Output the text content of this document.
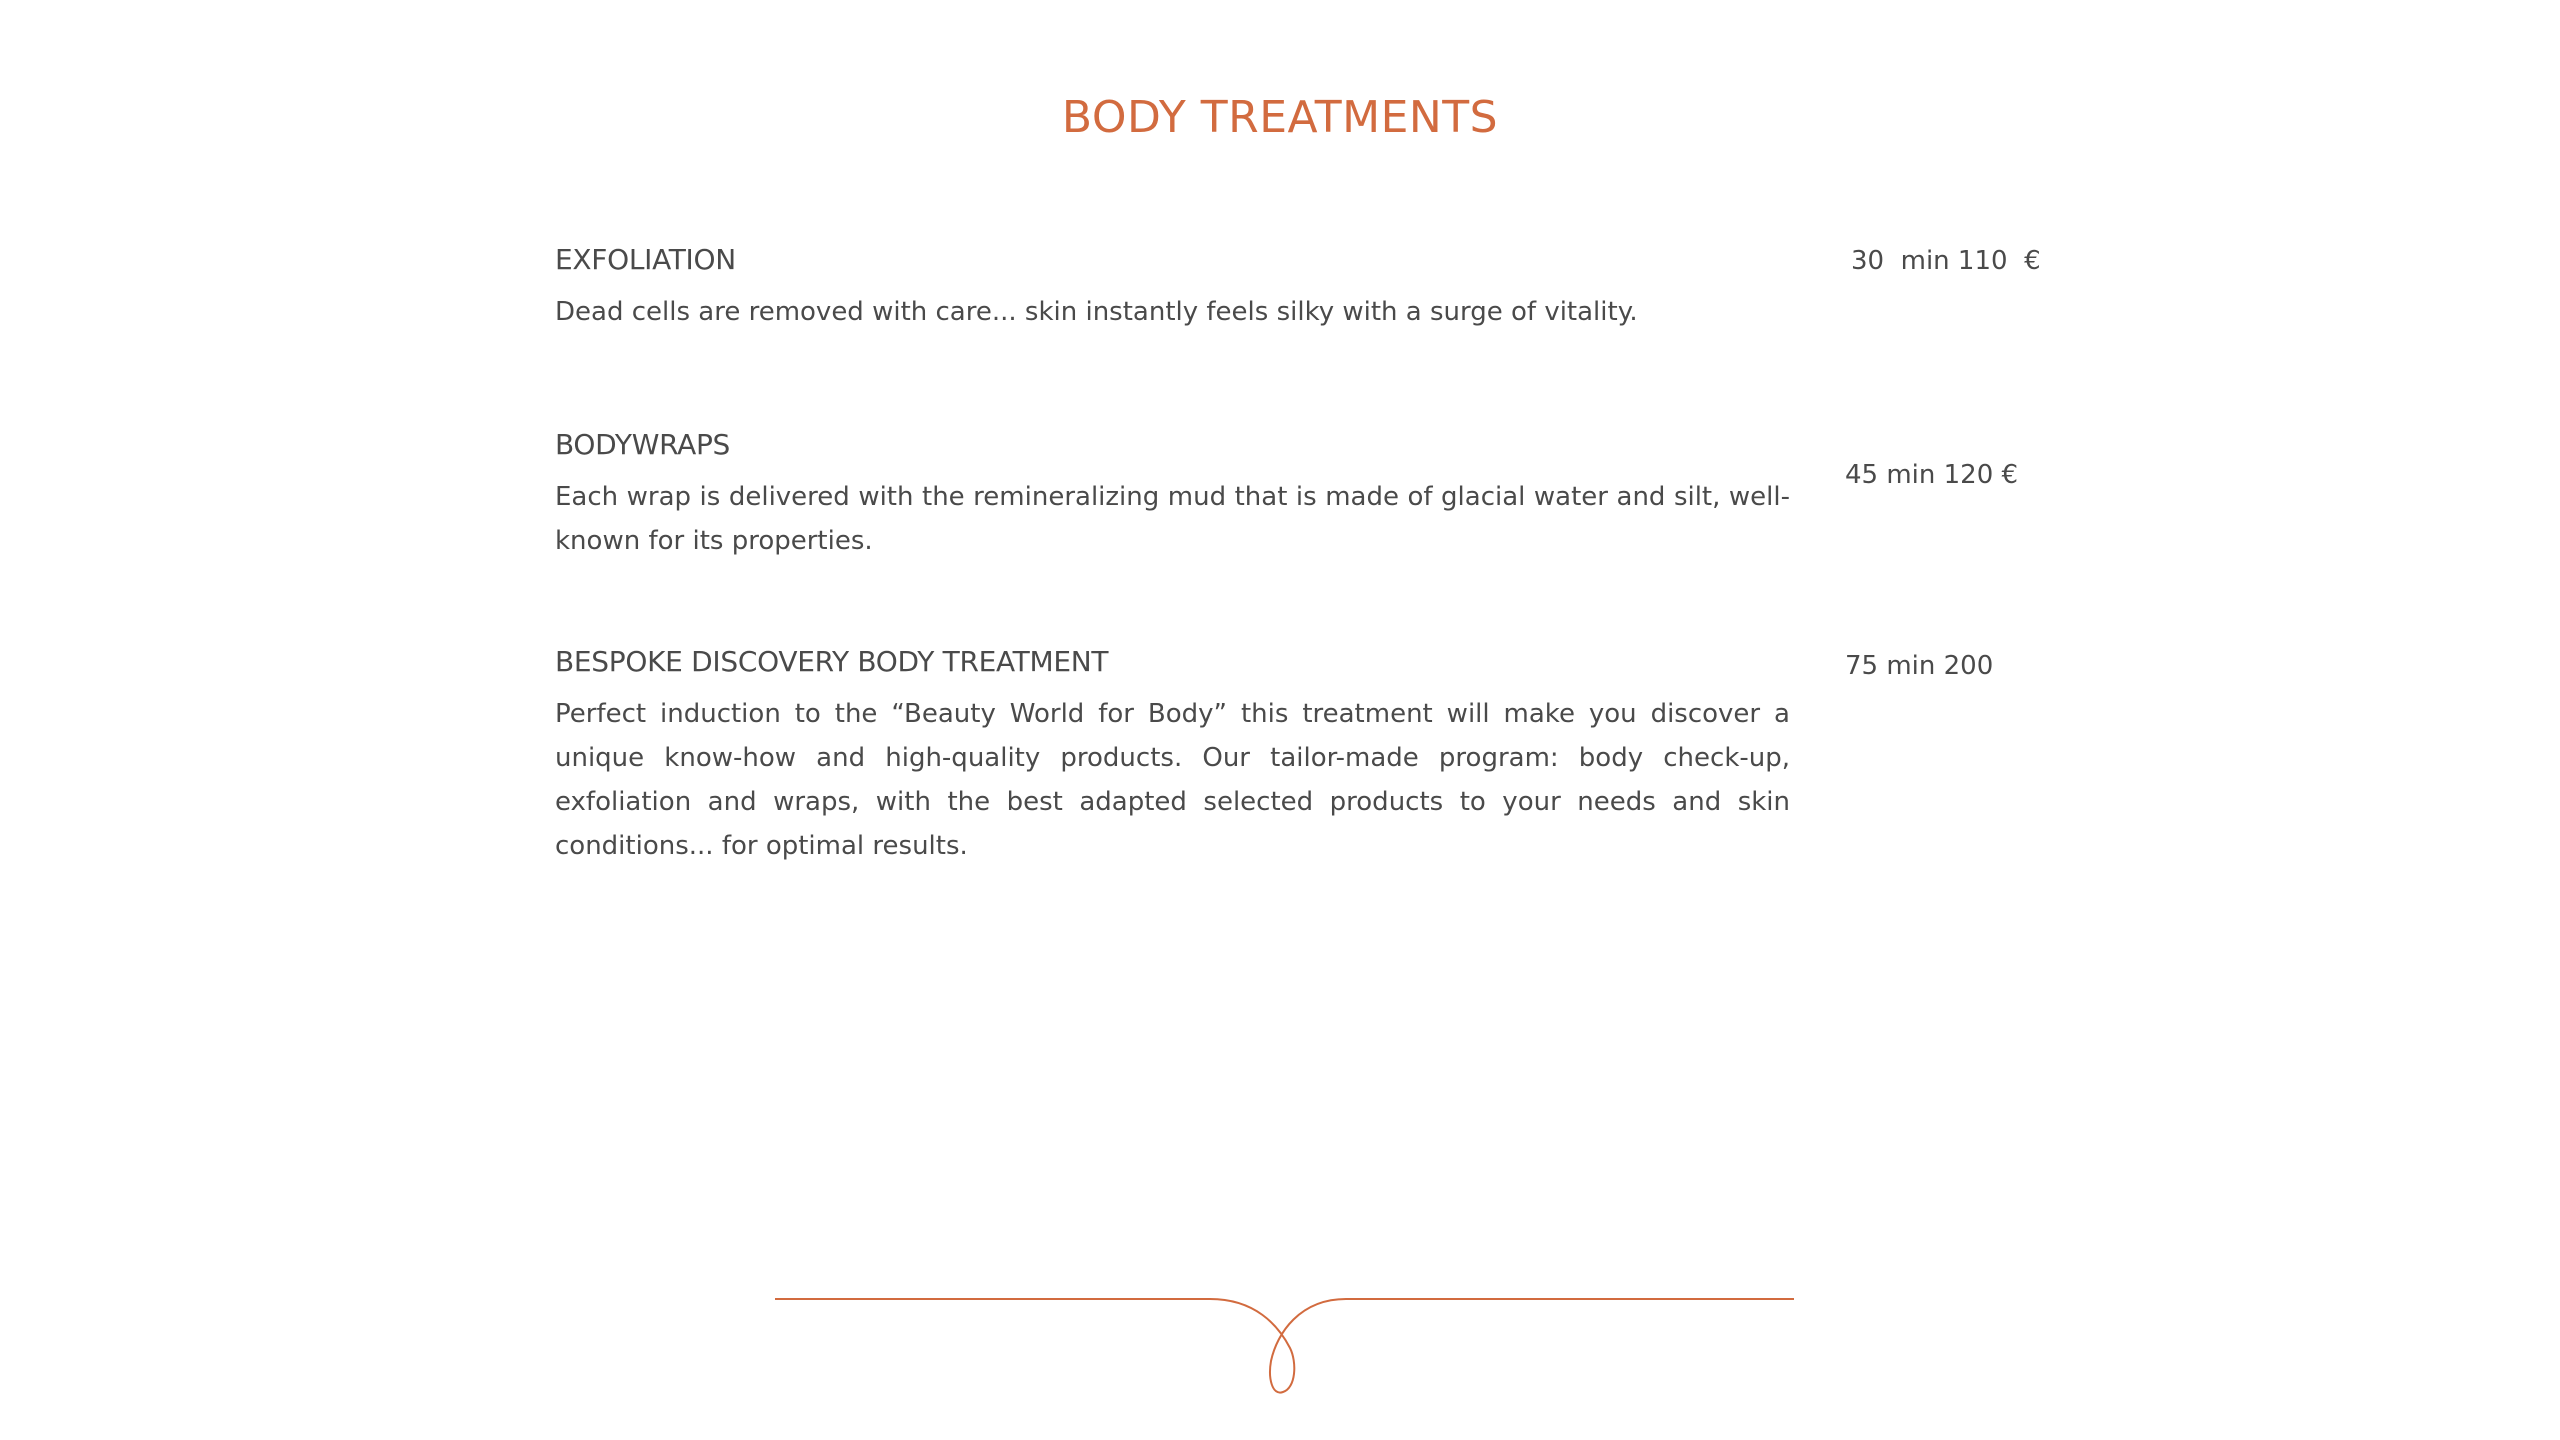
BODY TREATMENTS
EXFOLIATION

Dead cells are removed with care... skin instantly feels silky with a surge of vitality.

30  min 110  €
BODYWRAPS

Each wrap is delivered with the remineralizing mud that is made of glacial water and silt, well-known for its properties.

45 min 120 €
BESPOKE DISCOVERY BODY TREATMENT

Perfect induction to the “Beauty World for Body” this treatment will make you discover a unique know-how and high-quality products. Our tailor-made program: body check-up, exfoliation and wraps, with the best adapted selected products to your needs and skin conditions... for optimal results.

75 min 200
